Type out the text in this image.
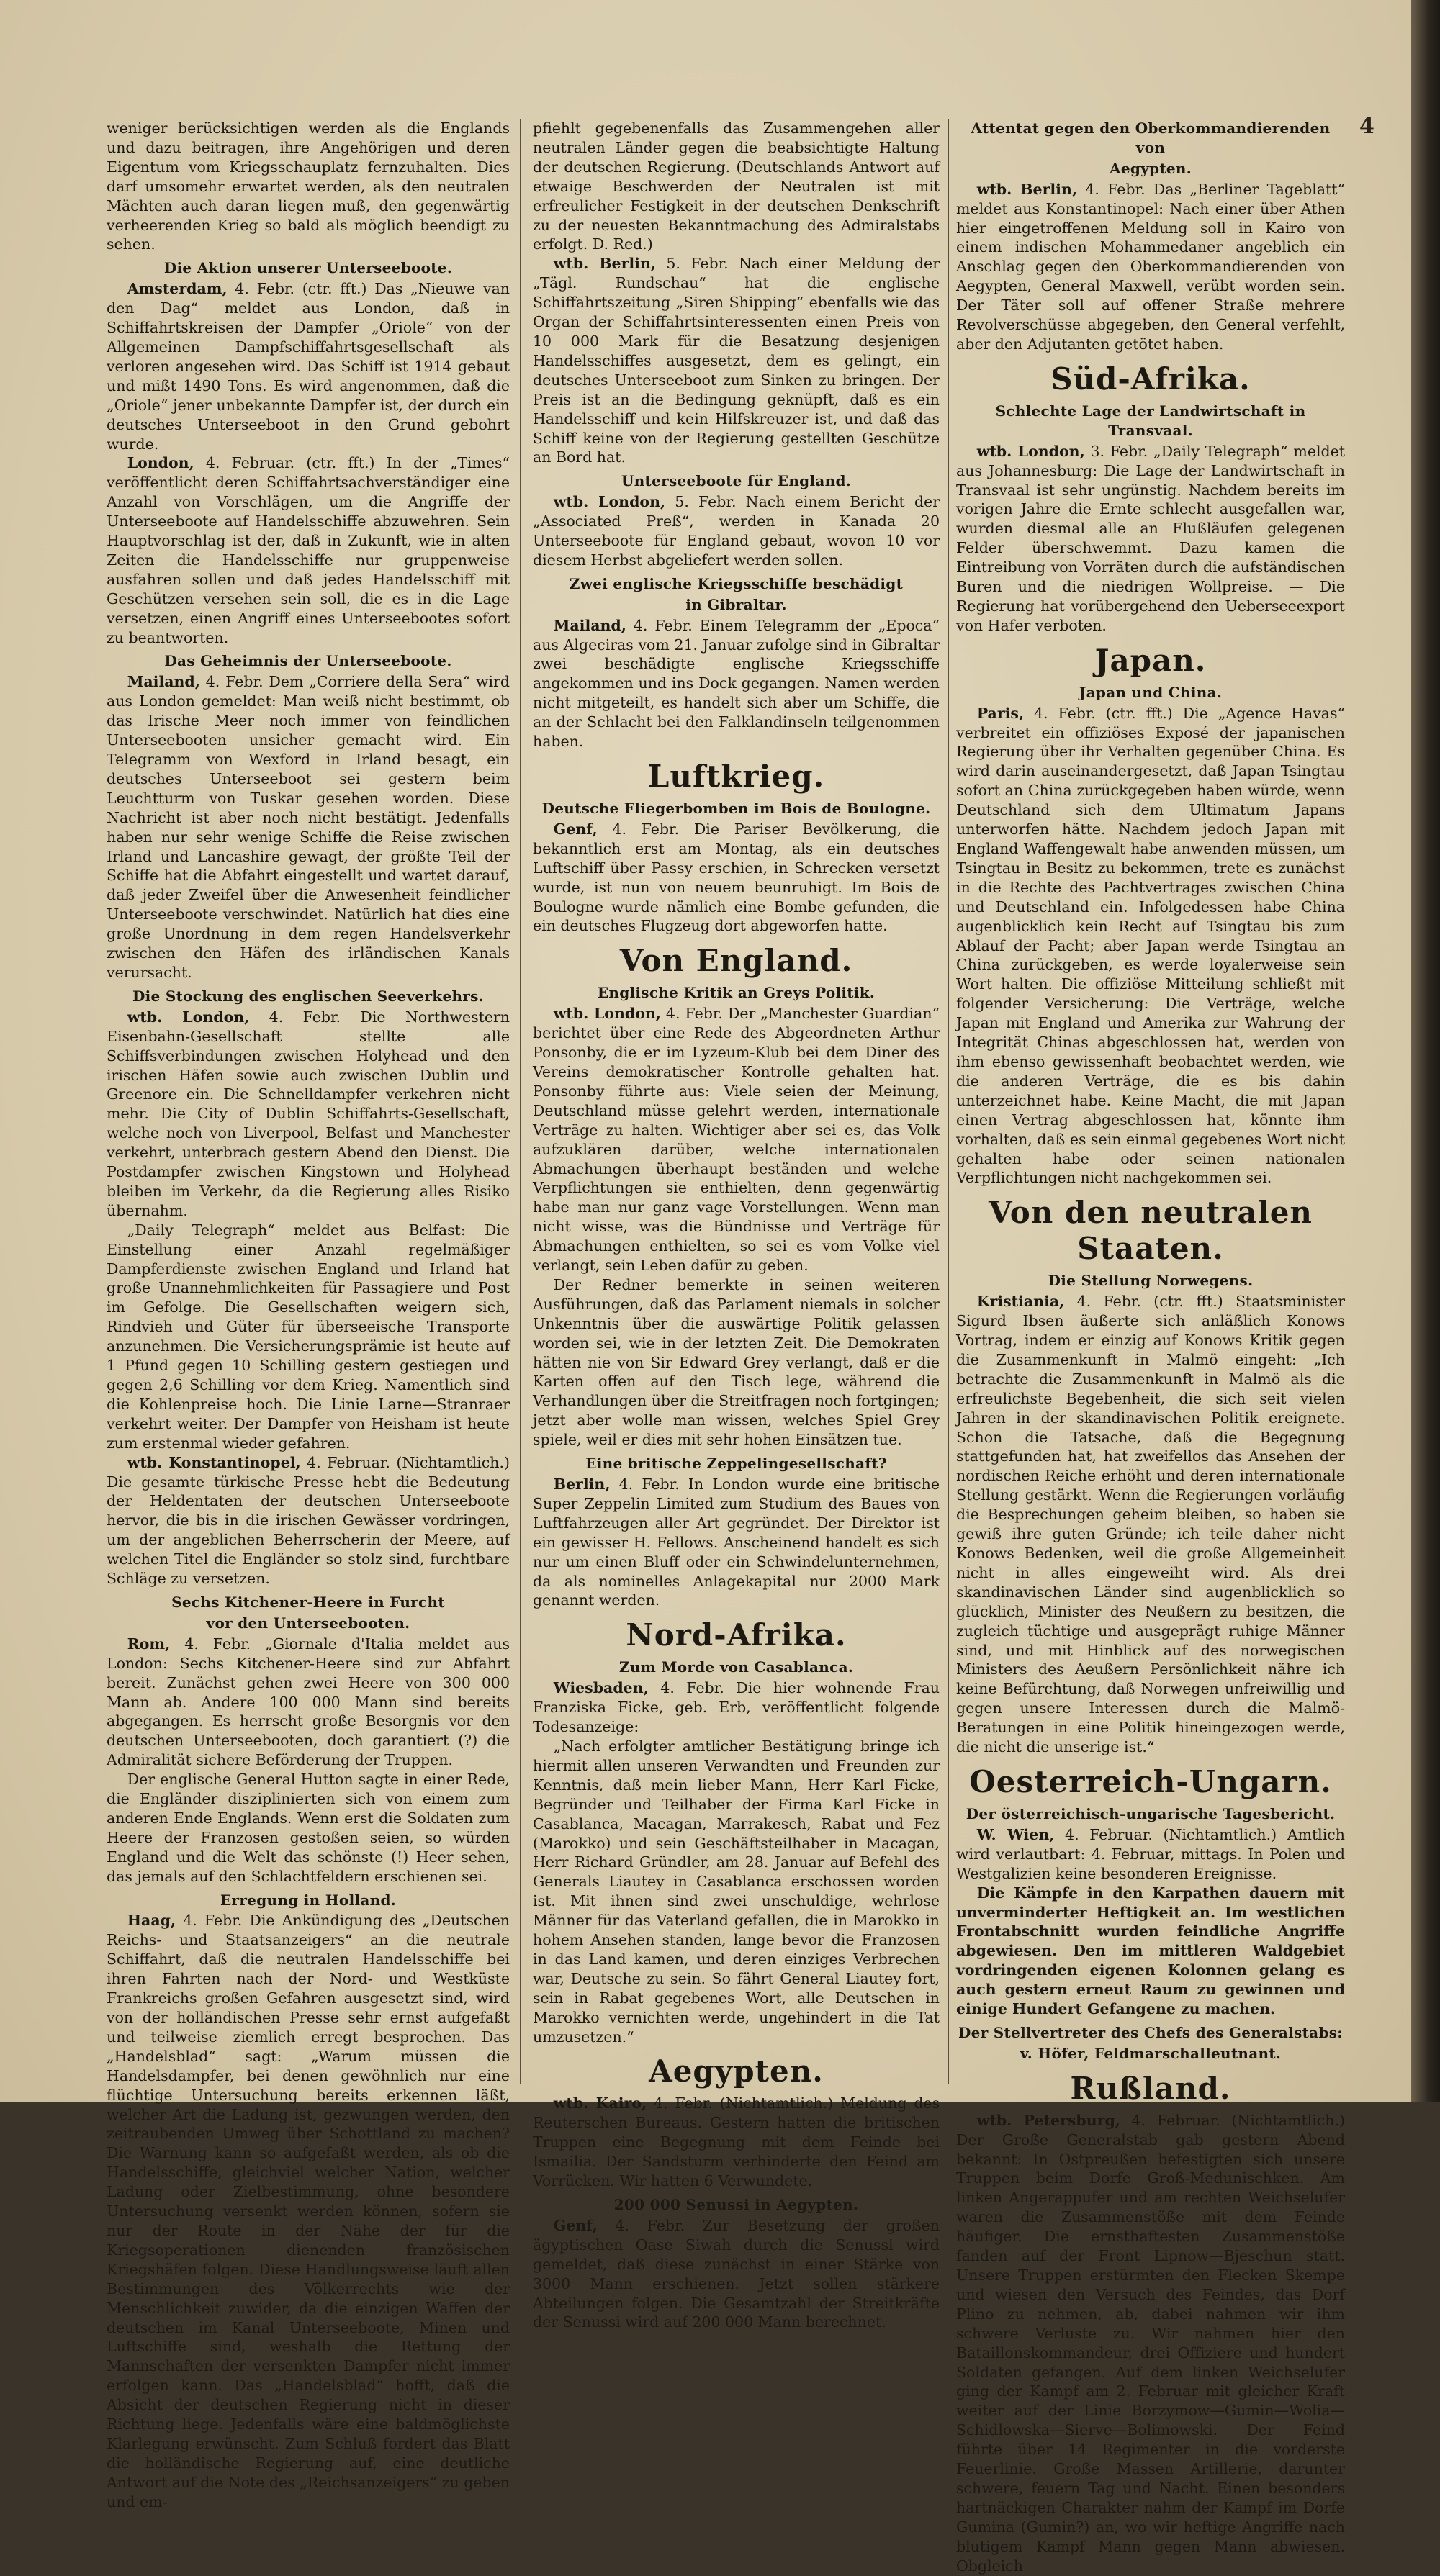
4

weniger berücksichtigen werden als die Englands und dazu beitragen, ihre Angehörigen und deren Eigentum vom Kriegsschauplatz fernzuhalten. Dies darf umsomehr erwartet werden, als den neutralen Mächten auch daran liegen muß, den gegenwärtig verheerenden Krieg so bald als möglich beendigt zu sehen.

Die Aktion unserer Unterseeboote.

Amsterdam, 4. Febr. (ctr. fft.) Das „Nieuwe van den Dag“ meldet aus London, daß in Schiffahrtskreisen der Dampfer „Oriole“ von der Allgemeinen Dampfschiffahrtsgesellschaft als verloren angesehen wird. Das Schiff ist 1914 gebaut und mißt 1490 Tons. Es wird angenommen, daß die „Oriole“ jener unbekannte Dampfer ist, der durch ein deutsches Unterseeboot in den Grund gebohrt wurde.

London, 4. Februar. (ctr. fft.) In der „Times“ veröffentlicht deren Schiffahrtsachverständiger eine Anzahl von Vorschlägen, um die Angriffe der Unterseeboote auf Handelsschiffe abzuwehren. Sein Hauptvorschlag ist der, daß in Zukunft, wie in alten Zeiten die Handelsschiffe nur gruppenweise ausfahren sollen und daß jedes Handelsschiff mit Geschützen versehen sein soll, die es in die Lage versetzen, einen Angriff eines Unterseebootes sofort zu beantworten.

Das Geheimnis der Unterseeboote.

Mailand, 4. Febr. Dem „Corriere della Sera“ wird aus London gemeldet: Man weiß nicht bestimmt, ob das Irische Meer noch immer von feindlichen Unterseebooten unsicher gemacht wird. Ein Telegramm von Wexford in Irland besagt, ein deutsches Unterseeboot sei gestern beim Leuchtturm von Tuskar gesehen worden. Diese Nachricht ist aber noch nicht bestätigt. Jedenfalls haben nur sehr wenige Schiffe die Reise zwischen Irland und Lancashire gewagt, der größte Teil der Schiffe hat die Abfahrt eingestellt und wartet darauf, daß jeder Zweifel über die Anwesenheit feindlicher Unterseeboote verschwindet. Natürlich hat dies eine große Unordnung in dem regen Handelsverkehr zwischen den Häfen des irländischen Kanals verursacht.

Die Stockung des englischen Seeverkehrs.

wtb. London, 4. Febr. Die Northwestern Eisenbahn-Gesellschaft stellte alle Schiffsverbindungen zwischen Holyhead und den irischen Häfen sowie auch zwischen Dublin und Greenore ein. Die Schnelldampfer verkehren nicht mehr. Die City of Dublin Schiffahrts-Gesellschaft, welche noch von Liverpool, Belfast und Manchester verkehrt, unterbrach gestern Abend den Dienst. Die Postdampfer zwischen Kingstown und Holyhead bleiben im Verkehr, da die Regierung alles Risiko übernahm.

„Daily Telegraph“ meldet aus Belfast: Die Einstellung einer Anzahl regelmäßiger Dampferdienste zwischen England und Irland hat große Unannehmlichkeiten für Passagiere und Post im Gefolge. Die Gesellschaften weigern sich, Rindvieh und Güter für überseeische Transporte anzunehmen. Die Versicherungsprämie ist heute auf 1 Pfund gegen 10 Schilling gestern gestiegen und gegen 2,6 Schilling vor dem Krieg. Namentlich sind die Kohlenpreise hoch. Die Linie Larne—Stranraer verkehrt weiter. Der Dampfer von Heisham ist heute zum erstenmal wieder gefahren.

wtb. Konstantinopel, 4. Februar. (Nichtamtlich.) Die gesamte türkische Presse hebt die Bedeutung der Heldentaten der deutschen Unterseeboote hervor, die bis in die irischen Gewässer vordringen, um der angeblichen Beherrscherin der Meere, auf welchen Titel die Engländer so stolz sind, furchtbare Schläge zu versetzen.

Sechs Kitchener-Heere in Furcht
vor den Unterseebooten.

Rom, 4. Febr. „Giornale d'Italia meldet aus London: Sechs Kitchener-Heere sind zur Abfahrt bereit. Zunächst gehen zwei Heere von 300 000 Mann ab. Andere 100 000 Mann sind bereits abgegangen. Es herrscht große Besorgnis vor den deutschen Unterseebooten, doch garantiert (?) die Admiralität sichere Beförderung der Truppen.

Der englische General Hutton sagte in einer Rede, die Engländer disziplinierten sich von einem zum anderen Ende Englands. Wenn erst die Soldaten zum Heere der Franzosen gestoßen seien, so würden England und die Welt das schönste (!) Heer sehen, das jemals auf den Schlachtfeldern erschienen sei.

Erregung in Holland.

Haag, 4. Febr. Die Ankündigung des „Deutschen Reichs- und Staatsanzeigers“ an die neutrale Schiffahrt, daß die neutralen Handelsschiffe bei ihren Fahrten nach der Nord- und Westküste Frankreichs großen Gefahren ausgesetzt sind, wird von der holländischen Presse sehr ernst aufgefaßt und teilweise ziemlich erregt besprochen. Das „Handelsblad“ sagt: „Warum müssen die Handelsdampfer, bei denen gewöhnlich nur eine flüchtige Untersuchung bereits erkennen läßt, welcher Art die Ladung ist, gezwungen werden, den zeitraubenden Umweg über Schottland zu machen? Die Warnung kann so aufgefaßt werden, als ob die Handelsschiffe, gleichviel welcher Nation, welcher Ladung oder Zielbestimmung, ohne besondere Untersuchung versenkt werden können, sofern sie nur der Route in der Nähe der für die Kriegsoperationen dienenden französischen Kriegshäfen folgen. Diese Handlungsweise läuft allen Bestimmungen des Völkerrechts wie der Menschlichkeit zuwider, da die einzigen Waffen der deutschen im Kanal Unterseeboote, Minen und Luftschiffe sind, weshalb die Rettung der Mannschaften der versenkten Dampfer nicht immer erfolgen kann. Das „Handelsblad“ hofft, daß die Absicht der deutschen Regierung nicht in dieser Richtung liege. Jedenfalls wäre eine baldmöglichste Klarlegung erwünscht. Zum Schluß fordert das Blatt die holländische Regierung auf, eine deutliche Antwort auf die Note des „Reichsanzeigers“ zu geben und em-

pfiehlt gegebenenfalls das Zusammengehen aller neutralen Länder gegen die beabsichtigte Haltung der deutschen Regierung. (Deutschlands Antwort auf etwaige Beschwerden der Neutralen ist mit erfreulicher Festigkeit in der deutschen Denkschrift zu der neuesten Bekanntmachung des Admiralstabs erfolgt. D. Red.)

wtb. Berlin, 5. Febr. Nach einer Meldung der „Tägl. Rundschau“ hat die englische Schiffahrtszeitung „Siren Shipping“ ebenfalls wie das Organ der Schiffahrtsinteressenten einen Preis von 10 000 Mark für die Besatzung desjenigen Handelsschiffes ausgesetzt, dem es gelingt, ein deutsches Unterseeboot zum Sinken zu bringen. Der Preis ist an die Bedingung geknüpft, daß es ein Handelsschiff und kein Hilfskreuzer ist, und daß das Schiff keine von der Regierung gestellten Geschütze an Bord hat.

Unterseeboote für England.

wtb. London, 5. Febr. Nach einem Bericht der „Associated Preß“, werden in Kanada 20 Unterseeboote für England gebaut, wovon 10 vor diesem Herbst abgeliefert werden sollen.

Zwei englische Kriegsschiffe beschädigt
in Gibraltar.

Mailand, 4. Febr. Einem Telegramm der „Epoca“ aus Algeciras vom 21. Januar zufolge sind in Gibraltar zwei beschädigte englische Kriegsschiffe angekommen und ins Dock gegangen. Namen werden nicht mitgeteilt, es handelt sich aber um Schiffe, die an der Schlacht bei den Falklandinseln teilgenommen haben.

Luftkrieg.
Deutsche Fliegerbomben im Bois de Boulogne.

Genf, 4. Febr. Die Pariser Bevölkerung, die bekanntlich erst am Montag, als ein deutsches Luftschiff über Passy erschien, in Schrecken versetzt wurde, ist nun von neuem beunruhigt. Im Bois de Boulogne wurde nämlich eine Bombe gefunden, die ein deutsches Flugzeug dort abgeworfen hatte.

Von England.
Englische Kritik an Greys Politik.

wtb. London, 4. Febr. Der „Manchester Guardian“ berichtet über eine Rede des Abgeordneten Arthur Ponsonby, die er im Lyzeum-Klub bei dem Diner des Vereins demokratischer Kontrolle gehalten hat. Ponsonby führte aus: Viele seien der Meinung, Deutschland müsse gelehrt werden, internationale Verträge zu halten. Wichtiger aber sei es, das Volk aufzuklären darüber, welche internationalen Abmachungen überhaupt beständen und welche Verpflichtungen sie enthielten, denn gegenwärtig habe man nur ganz vage Vorstellungen. Wenn man nicht wisse, was die Bündnisse und Verträge für Abmachungen enthielten, so sei es vom Volke viel verlangt, sein Leben dafür zu geben.

Der Redner bemerkte in seinen weiteren Ausführungen, daß das Parlament niemals in solcher Unkenntnis über die auswärtige Politik gelassen worden sei, wie in der letzten Zeit. Die Demokraten hätten nie von Sir Edward Grey verlangt, daß er die Karten offen auf den Tisch lege, während die Verhandlungen über die Streitfragen noch fortgingen; jetzt aber wolle man wissen, welches Spiel Grey spiele, weil er dies mit sehr hohen Einsätzen tue.

Eine britische Zeppelingesellschaft?

Berlin, 4. Febr. In London wurde eine britische Super Zeppelin Limited zum Studium des Baues von Luftfahrzeugen aller Art gegründet. Der Direktor ist ein gewisser H. Fellows. Anscheinend handelt es sich nur um einen Bluff oder ein Schwindelunternehmen, da als nominelles Anlagekapital nur 2000 Mark genannt werden.

Nord-Afrika.
Zum Morde von Casablanca.

Wiesbaden, 4. Febr. Die hier wohnende Frau Franziska Ficke, geb. Erb, veröffentlicht folgende Todesanzeige:

„Nach erfolgter amtlicher Bestätigung bringe ich hiermit allen unseren Verwandten und Freunden zur Kenntnis, daß mein lieber Mann, Herr Karl Ficke, Begründer und Teilhaber der Firma Karl Ficke in Casablanca, Macagan, Marrakesch, Rabat und Fez (Marokko) und sein Geschäftsteilhaber in Macagan, Herr Richard Gründler, am 28. Januar auf Befehl des Generals Liautey in Casablanca erschossen worden ist. Mit ihnen sind zwei unschuldige, wehrlose Männer für das Vaterland gefallen, die in Marokko in hohem Ansehen standen, lange bevor die Franzosen in das Land kamen, und deren einziges Verbrechen war, Deutsche zu sein. So fährt General Liautey fort, sein in Rabat gegebenes Wort, alle Deutschen in Marokko vernichten werde, ungehindert in die Tat umzusetzen.“

Aegypten.

wtb. Kairo, 4. Febr. (Nichtamtlich.) Meldung des Reuterschen Bureaus. Gestern hatten die britischen Truppen eine Begegnung mit dem Feinde bei Ismailia. Der Sandsturm verhinderte den Feind am Vorrücken. Wir hatten 6 Verwundete.

200 000 Senussi in Aegypten.

Genf, 4. Febr. Zur Besetzung der großen ägyptischen Oase Siwah durch die Senussi wird gemeldet, daß diese zunächst in einer Stärke von 3000 Mann erschienen. Jetzt sollen stärkere Abteilungen folgen. Die Gesamtzahl der Streitkräfte der Senussi wird auf 200 000 Mann berechnet.

Attentat gegen den Oberkommandierenden von
Aegypten.

wtb. Berlin, 4. Febr. Das „Berliner Tageblatt“ meldet aus Konstantinopel: Nach einer über Athen hier eingetroffenen Meldung soll in Kairo von einem indischen Mohammedaner angeblich ein Anschlag gegen den Oberkommandierenden von Aegypten, General Maxwell, verübt worden sein. Der Täter soll auf offener Straße mehrere Revolverschüsse abgegeben, den General verfehlt, aber den Adjutanten getötet haben.

Süd-Afrika.
Schlechte Lage der Landwirtschaft in Transvaal.

wtb. London, 3. Febr. „Daily Telegraph“ meldet aus Johannesburg: Die Lage der Landwirtschaft in Transvaal ist sehr ungünstig. Nachdem bereits im vorigen Jahre die Ernte schlecht ausgefallen war, wurden diesmal alle an Flußläufen gelegenen Felder überschwemmt. Dazu kamen die Eintreibung von Vorräten durch die aufständischen Buren und die niedrigen Wollpreise. — Die Regierung hat vorübergehend den Ueberseeexport von Hafer verboten.

Japan.
Japan und China.

Paris, 4. Febr. (ctr. fft.) Die „Agence Havas“ verbreitet ein offiziöses Exposé der japanischen Regierung über ihr Verhalten gegenüber China. Es wird darin auseinandergesetzt, daß Japan Tsingtau sofort an China zurückgegeben haben würde, wenn Deutschland sich dem Ultimatum Japans unterworfen hätte. Nachdem jedoch Japan mit England Waffengewalt habe anwenden müssen, um Tsingtau in Besitz zu bekommen, trete es zunächst in die Rechte des Pachtvertrages zwischen China und Deutschland ein. Infolgedessen habe China augenblicklich kein Recht auf Tsingtau bis zum Ablauf der Pacht; aber Japan werde Tsingtau an China zurückgeben, es werde loyalerweise sein Wort halten. Die offiziöse Mitteilung schließt mit folgender Versicherung: Die Verträge, welche Japan mit England und Amerika zur Wahrung der Integrität Chinas abgeschlossen hat, werden von ihm ebenso gewissenhaft beobachtet werden, wie die anderen Verträge, die es bis dahin unterzeichnet habe. Keine Macht, die mit Japan einen Vertrag abgeschlossen hat, könnte ihm vorhalten, daß es sein einmal gegebenes Wort nicht gehalten habe oder seinen nationalen Verpflichtungen nicht nachgekommen sei.

Von den neutralen Staaten.
Die Stellung Norwegens.

Kristiania, 4. Febr. (ctr. fft.) Staatsminister Sigurd Ibsen äußerte sich anläßlich Konows Vortrag, indem er einzig auf Konows Kritik gegen die Zusammenkunft in Malmö eingeht: „Ich betrachte die Zusammenkunft in Malmö als die erfreulichste Begebenheit, die sich seit vielen Jahren in der skandinavischen Politik ereignete. Schon die Tatsache, daß die Begegnung stattgefunden hat, hat zweifellos das Ansehen der nordischen Reiche erhöht und deren internationale Stellung gestärkt. Wenn die Regierungen vorläufig die Besprechungen geheim bleiben, so haben sie gewiß ihre guten Gründe; ich teile daher nicht Konows Bedenken, weil die große Allgemeinheit nicht in alles eingeweiht wird. Als drei skandinavischen Länder sind augenblicklich so glücklich, Minister des Neußern zu besitzen, die zugleich tüchtige und ausgeprägt ruhige Männer sind, und mit Hinblick auf des norwegischen Ministers des Aeußern Persönlichkeit nähre ich keine Befürchtung, daß Norwegen unfreiwillig und gegen unsere Interessen durch die Malmö-Beratungen in eine Politik hineingezogen werde, die nicht die unserige ist.“

Oesterreich-Ungarn.
Der österreichisch-ungarische Tagesbericht.

W. Wien, 4. Februar. (Nichtamtlich.) Amtlich wird verlautbart: 4. Februar, mittags. In Polen und Westgalizien keine besonderen Ereignisse.

Die Kämpfe in den Karpathen dauern mit unverminderter Heftigkeit an. Im westlichen Frontabschnitt wurden feindliche Angriffe abgewiesen. Den im mittleren Waldgebiet vordringenden eigenen Kolonnen gelang es auch gestern erneut Raum zu gewinnen und einige Hundert Gefangene zu machen.

Der Stellvertreter des Chefs des Generalstabs:
v. Höfer, Feldmarschalleutnant.
Rußland.

wtb. Petersburg, 4. Februar. (Nichtamtlich.) Der Große Generalstab gab gestern Abend bekannt: In Ostpreußen befestigten sich unsere Truppen beim Dorfe Groß-Medunischken. Am linken Angerappufer und am rechten Weichselufer waren die Zusammenstöße mit dem Feinde häufiger. Die ernsthaftesten Zusammenstöße fanden auf der Front Lipnow—Bjeschun statt. Unsere Truppen erstürmten den Flecken Skempe und wiesen den Versuch des Feindes, das Dorf Plino zu nehmen, ab, dabei nahmen wir ihm schwere Verluste zu. Wir nahmen hier den Bataillonskommandeur, drei Offiziere und hundert Soldaten gefangen. Auf dem linken Weichselufer ging der Kampf am 2. Februar mit gleicher Kraft weiter auf der Linie Borzymow—Gumin—Wolia—Schidlowska—Sierve—Bolimowski. Der Feind führte über 14 Regimenter in die vorderste Feuerlinie. Große Massen Artillerie, darunter schwere, feuern Tag und Nacht. Einen besonders hartnäckigen Charakter nahm der Kampf im Dorfe Gumina (Gumin?) an, wo wir heftige Angriffe nach blutigem Kampf Mann gegen Mann abwiesen. Obgleich
